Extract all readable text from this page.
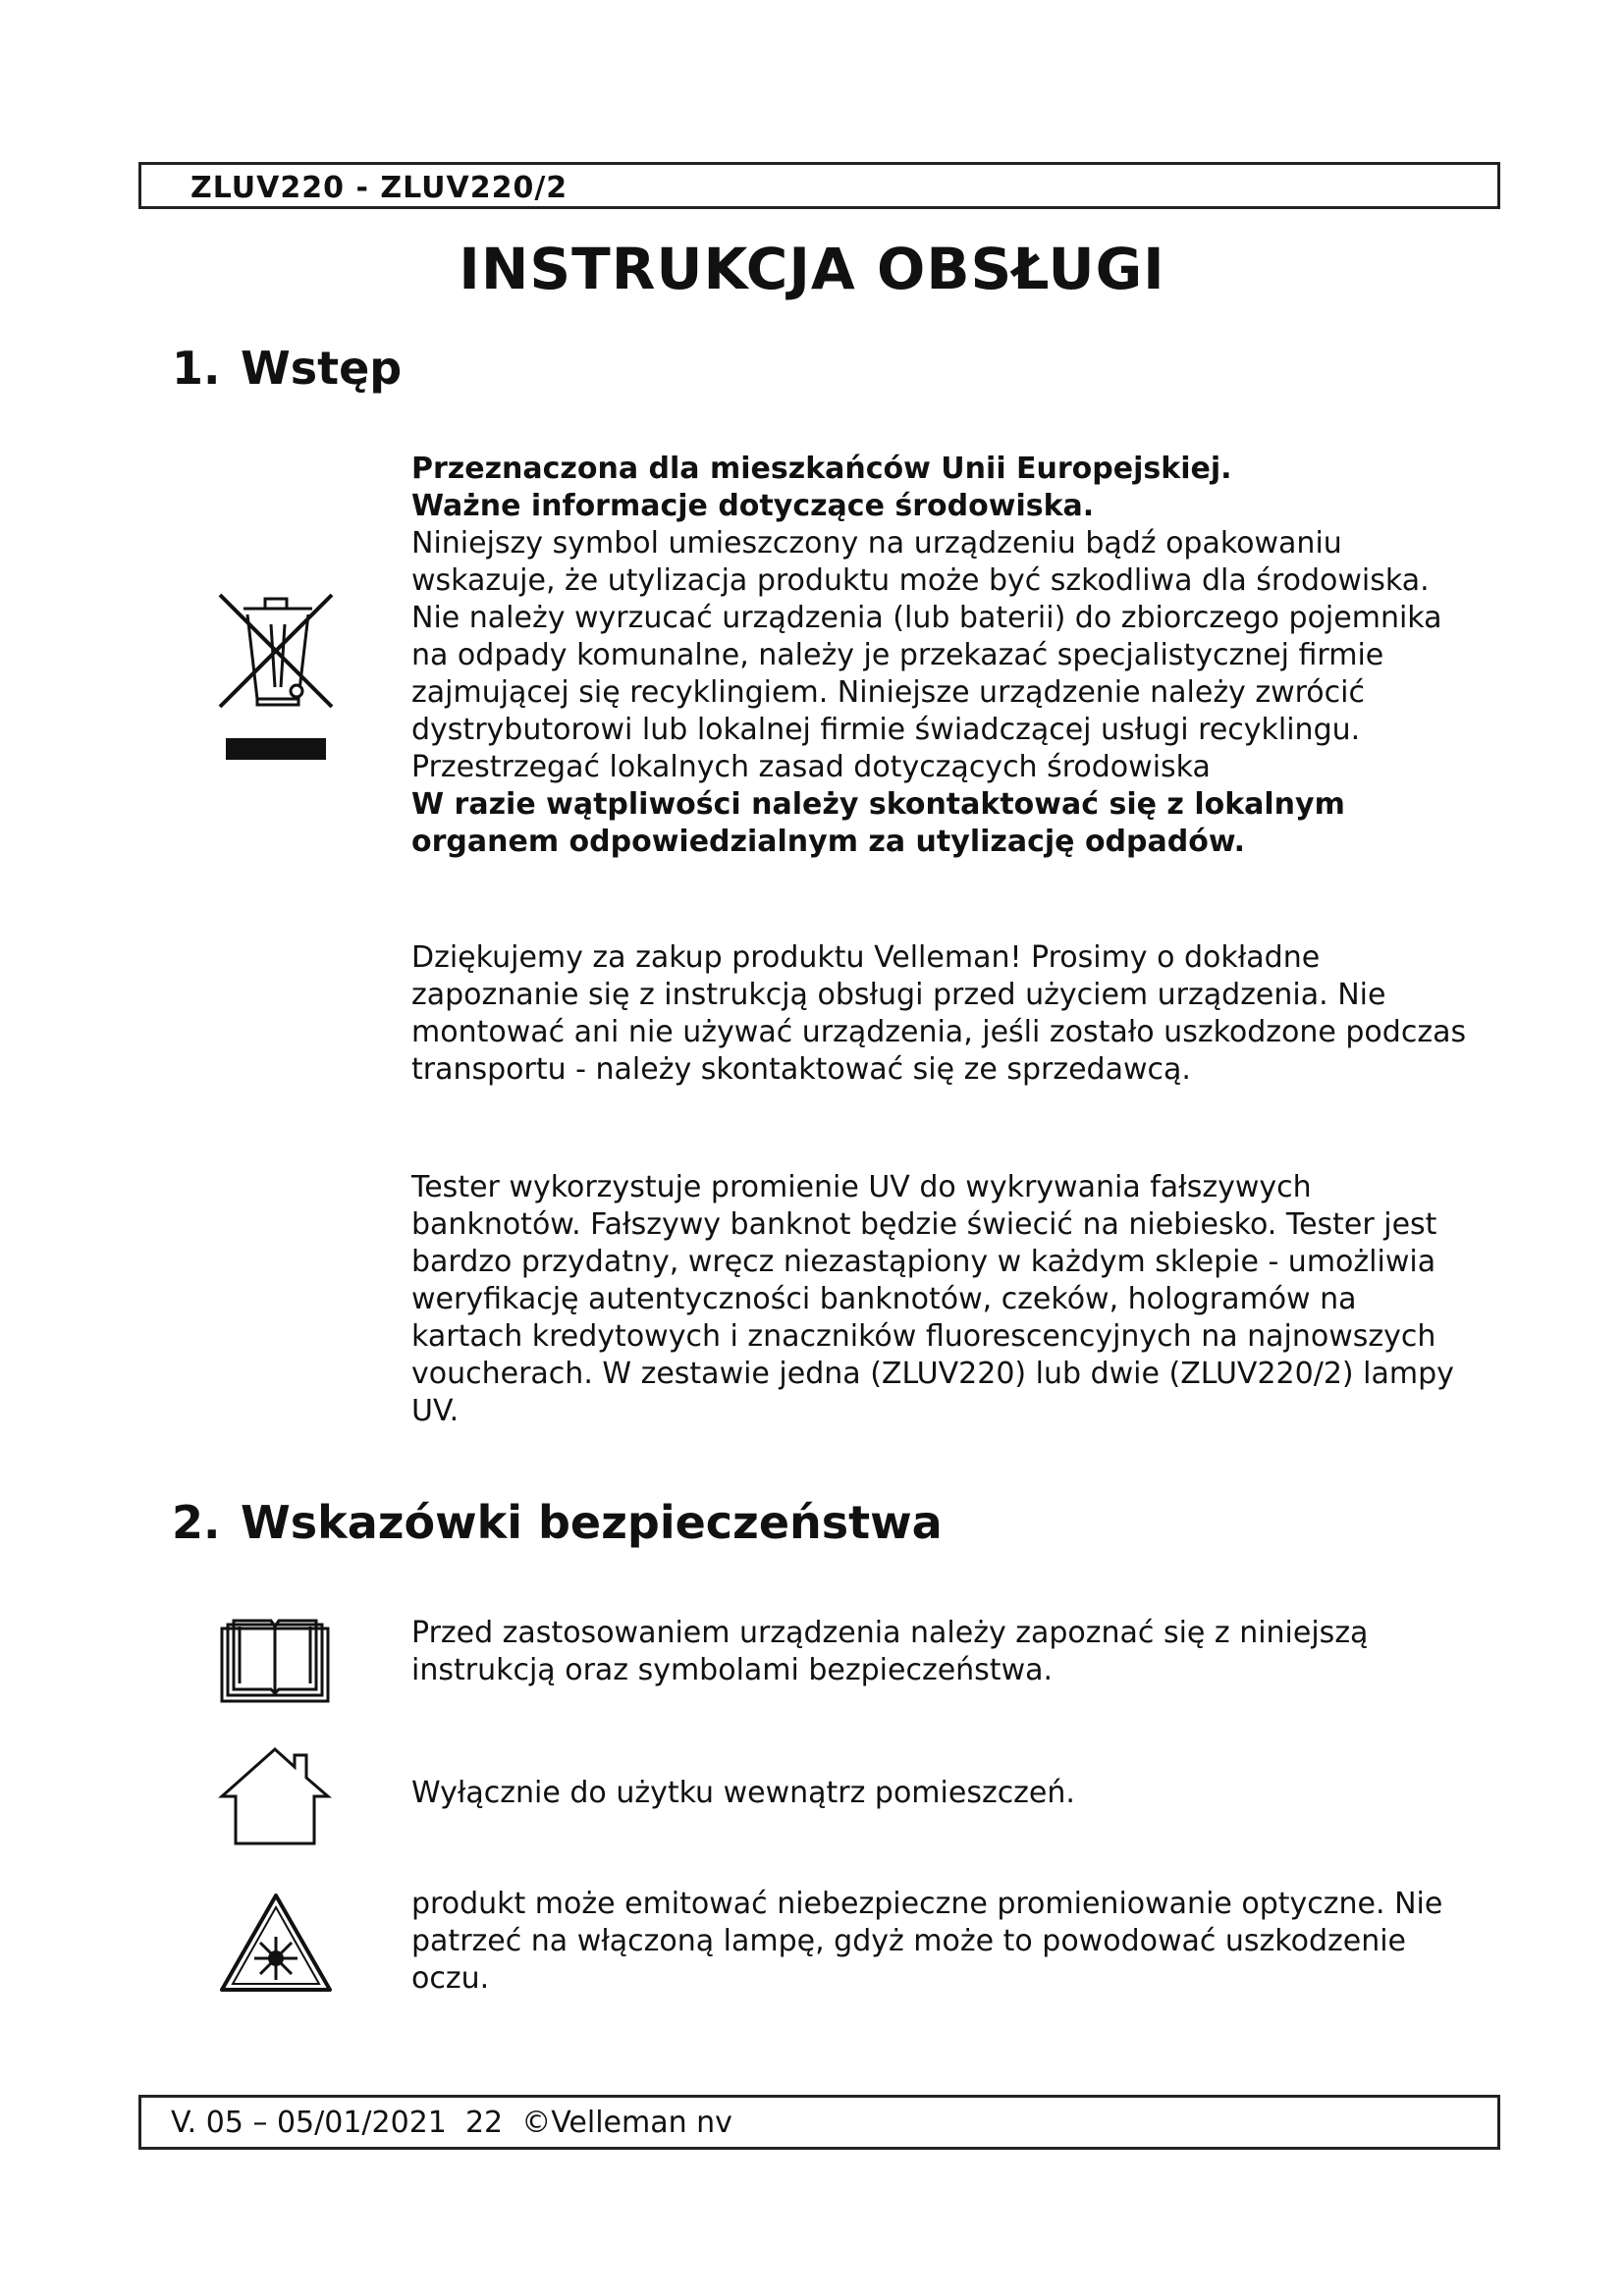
ZLUV220 - ZLUV220/2
INSTRUKCJA OBSŁUGI
1. Wstęp

Przeznaczona dla mieszkańców Unii Europejskiej.

Ważne informacje dotyczące środowiska.

Niniejszy symbol umieszczony na urządzeniu bądź opakowaniu wskazuje, że utylizacja produktu może być szkodliwa dla środowiska. Nie należy wyrzucać urządzenia (lub baterii) do zbiorczego pojemnika na odpady komunalne, należy je przekazać specjalistycznej firmie zajmującej się recyklingiem. Niniejsze urządzenie należy zwrócić dystrybutorowi lub lokalnej firmie świadczącej usługi recyklingu. Przestrzegać lokalnych zasad dotyczących środowiska

W razie wątpliwości należy skontaktować się z lokalnym organem odpowiedzialnym za utylizację odpadów.

Dziękujemy za zakup produktu Velleman! Prosimy o dokładne zapoznanie się z instrukcją obsługi przed użyciem urządzenia. Nie montować ani nie używać urządzenia, jeśli zostało uszkodzone podczas transportu - należy skontaktować się ze sprzedawcą.

Tester wykorzystuje promienie UV do wykrywania fałszywych banknotów. Fałszywy banknot będzie świecić na niebiesko. Tester jest bardzo przydatny, wręcz niezastąpiony w każdym sklepie - umożliwia weryfikację autentyczności banknotów, czeków, hologramów na kartach kredytowych i znaczników fluorescencyjnych na najnowszych voucherach. W zestawie jedna (ZLUV220) lub dwie (ZLUV220/2) lampy UV.

2. Wskazówki bezpieczeństwa

Przed zastosowaniem urządzenia należy zapoznać się z niniejszą instrukcją oraz symbolami bezpieczeństwa.

Wyłącznie do użytku wewnątrz pomieszczeń.

produkt może emitować niebezpieczne promieniowanie optyczne. Nie patrzeć na włączoną lampę, gdyż może to powodować uszkodzenie oczu.

V. 05 – 05/01/2021 22 ©Velleman nv
